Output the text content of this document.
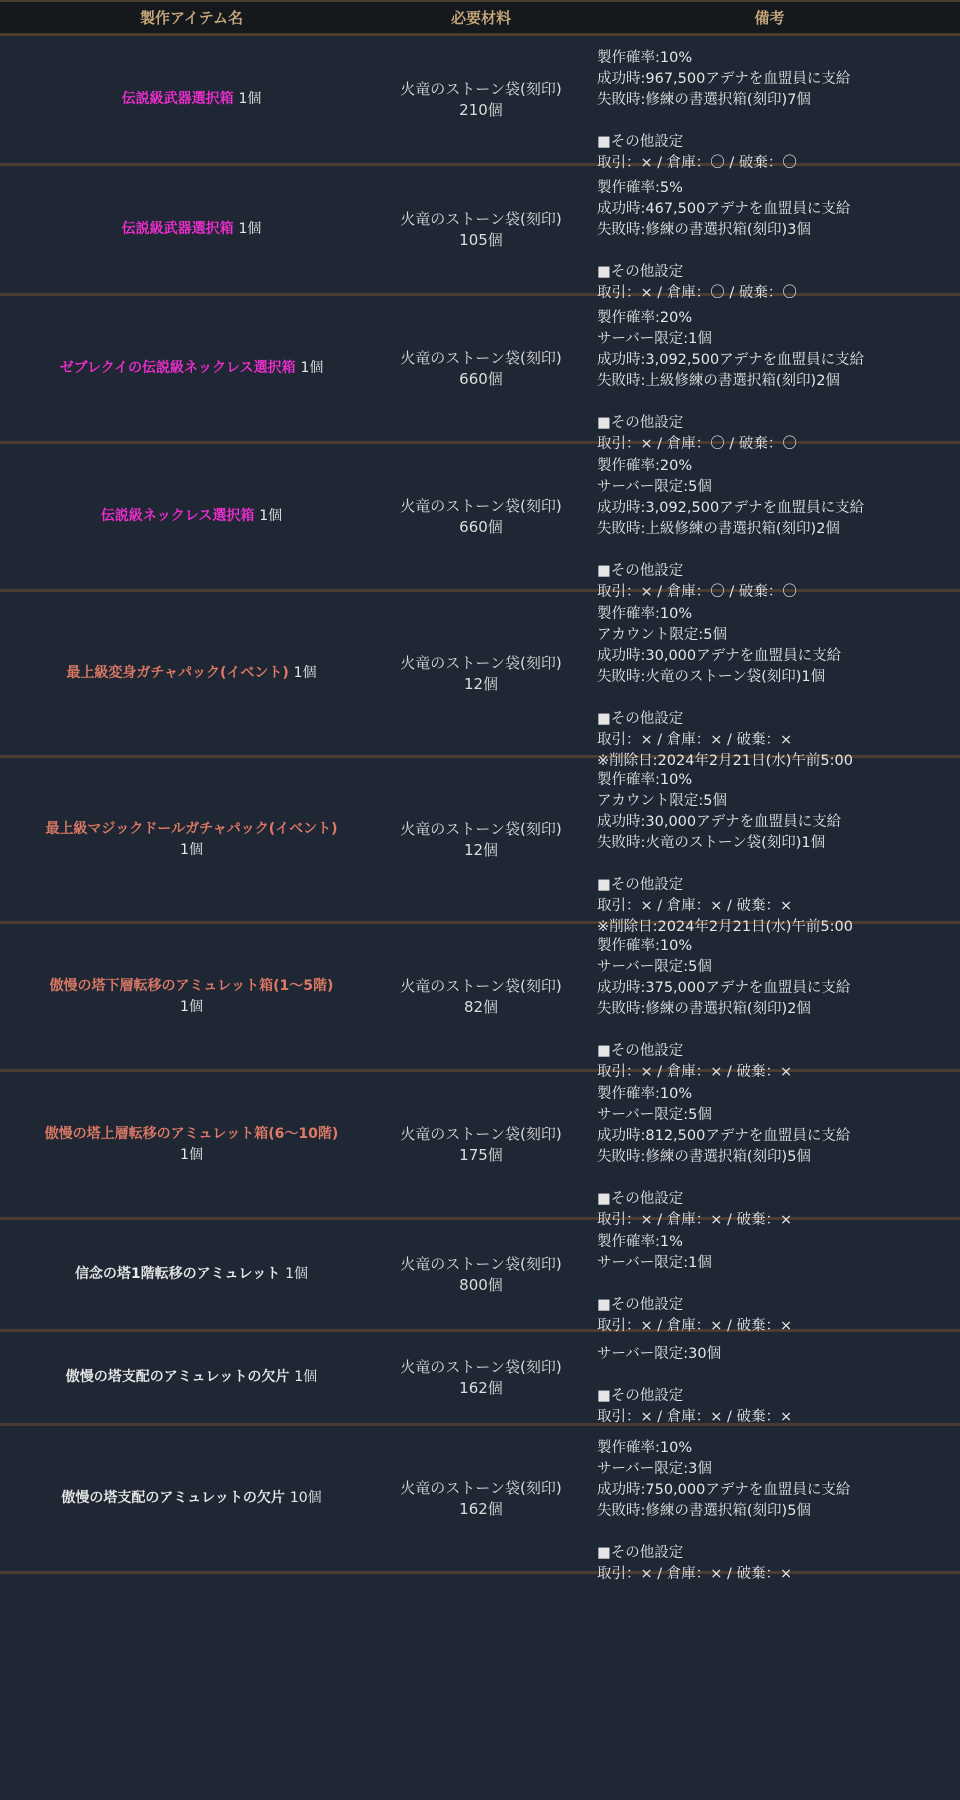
製作アイテム名	必要材料	備考
伝説級武器選択箱 1個
火竜のストーン袋(刻印)
210個
製作確率:10%
成功時:967,500アデナを血盟員に支給
失敗時:修練の書選択箱(刻印)7個
■その他設定
取引：× / 倉庫：〇 / 破棄：〇
伝説級武器選択箱 1個
火竜のストーン袋(刻印)
105個
製作確率:5%
成功時:467,500アデナを血盟員に支給
失敗時:修練の書選択箱(刻印)3個
■その他設定
取引：× / 倉庫：〇 / 破棄：〇
ゼブレクイの伝説級ネックレス選択箱 1個
火竜のストーン袋(刻印)
660個
製作確率:20%
サーバー限定:1個
成功時:3,092,500アデナを血盟員に支給
失敗時:上級修練の書選択箱(刻印)2個
■その他設定
取引：× / 倉庫：〇 / 破棄：〇
伝説級ネックレス選択箱 1個
火竜のストーン袋(刻印)
660個
製作確率:20%
サーバー限定:5個
成功時:3,092,500アデナを血盟員に支給
失敗時:上級修練の書選択箱(刻印)2個
■その他設定
取引：× / 倉庫：〇 / 破棄：〇
最上級変身ガチャパック(イベント) 1個
火竜のストーン袋(刻印)
12個
製作確率:10%
アカウント限定:5個
成功時:30,000アデナを血盟員に支給
失敗時:火竜のストーン袋(刻印)1個
■その他設定
取引：× / 倉庫：× / 破棄：×
※削除日:2024年2月21日(水)午前5:00
最上級マジックドールガチャパック(イベント)
1個
火竜のストーン袋(刻印)
12個
製作確率:10%
アカウント限定:5個
成功時:30,000アデナを血盟員に支給
失敗時:火竜のストーン袋(刻印)1個
■その他設定
取引：× / 倉庫：× / 破棄：×
※削除日:2024年2月21日(水)午前5:00
傲慢の塔下層転移のアミュレット箱(1～5階)
1個
火竜のストーン袋(刻印)
82個
製作確率:10%
サーバー限定:5個
成功時:375,000アデナを血盟員に支給
失敗時:修練の書選択箱(刻印)2個
■その他設定
取引：× / 倉庫：× / 破棄：×
傲慢の塔上層転移のアミュレット箱(6～10階)
1個
火竜のストーン袋(刻印)
175個
製作確率:10%
サーバー限定:5個
成功時:812,500アデナを血盟員に支給
失敗時:修練の書選択箱(刻印)5個
■その他設定
取引：× / 倉庫：× / 破棄：×
信念の塔1階転移のアミュレット 1個
火竜のストーン袋(刻印)
800個
製作確率:1%
サーバー限定:1個
■その他設定
取引：× / 倉庫：× / 破棄：×
傲慢の塔支配のアミュレットの欠片 1個
火竜のストーン袋(刻印)
162個
サーバー限定:30個
■その他設定
取引：× / 倉庫：× / 破棄：×
傲慢の塔支配のアミュレットの欠片 10個
火竜のストーン袋(刻印)
162個
製作確率:10%
サーバー限定:3個
成功時:750,000アデナを血盟員に支給
失敗時:修練の書選択箱(刻印)5個
■その他設定
取引：× / 倉庫：× / 破棄：×
